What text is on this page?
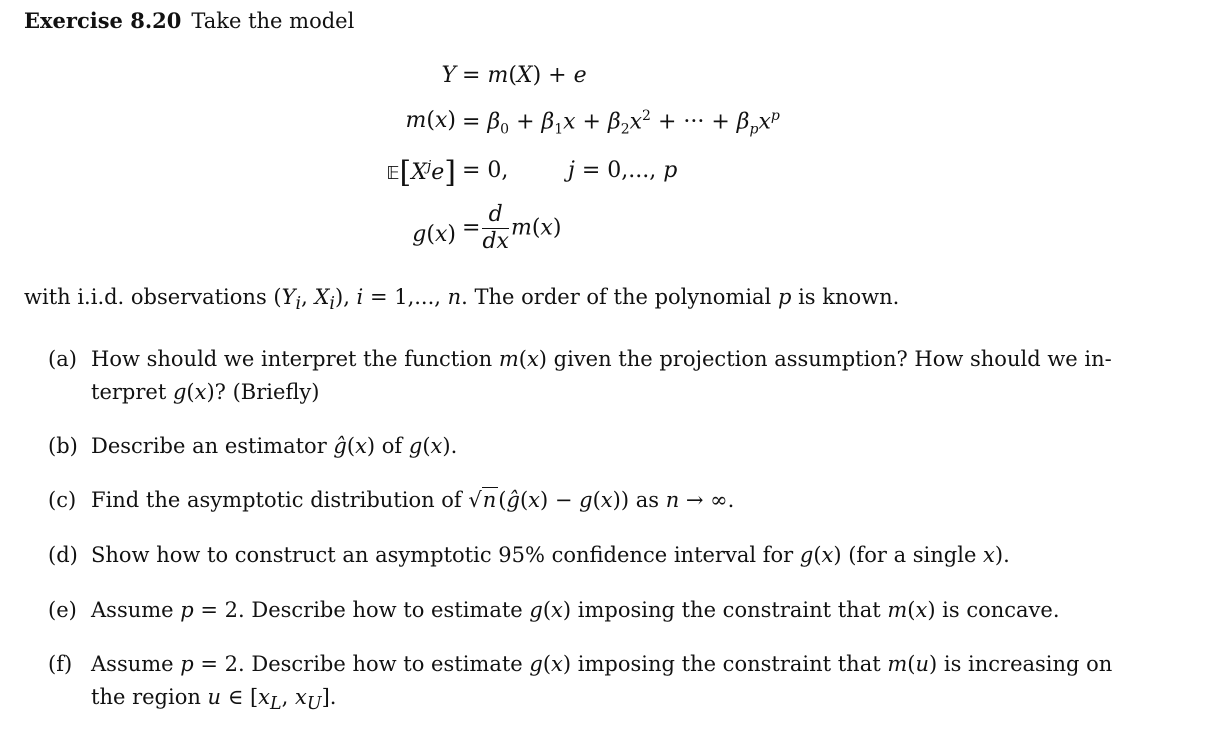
Exercise 8.20 Take the model
Y = m(X) + e
$m(x) = \beta_0 + \beta_1x + \beta_2x^2$ + ··· + $\beta_px^p$
$𝔼[X^je] = 0$,	j = 0,..., p
$g(x) = \frac{d}{dx} m(x)$
with i.i.d. observations ($Y_i$, $X_i$), i = 1,..., n. The order of the polynomial p is known.
(a) How should we interpret the function m(x) given the projection assumption? How should we in-
terpret g(x)? (Briefly)
(b) Describe an estimator ĝ(x) of g(x).
(c) Find the asymptotic distribution of √n(ĝ(x) − g(x)) as n → ∞.
(d) Show how to construct an asymptotic 95% confidence interval for g(x) (for a single x).
(e) Assume p = 2. Describe how to estimate g(x) imposing the constraint that m(x) is concave.
(f) Assume p = 2. Describe how to estimate g(x) imposing the constraint that m(u) is increasing on
the region u ∈ [$x_L$, $x_U$].
